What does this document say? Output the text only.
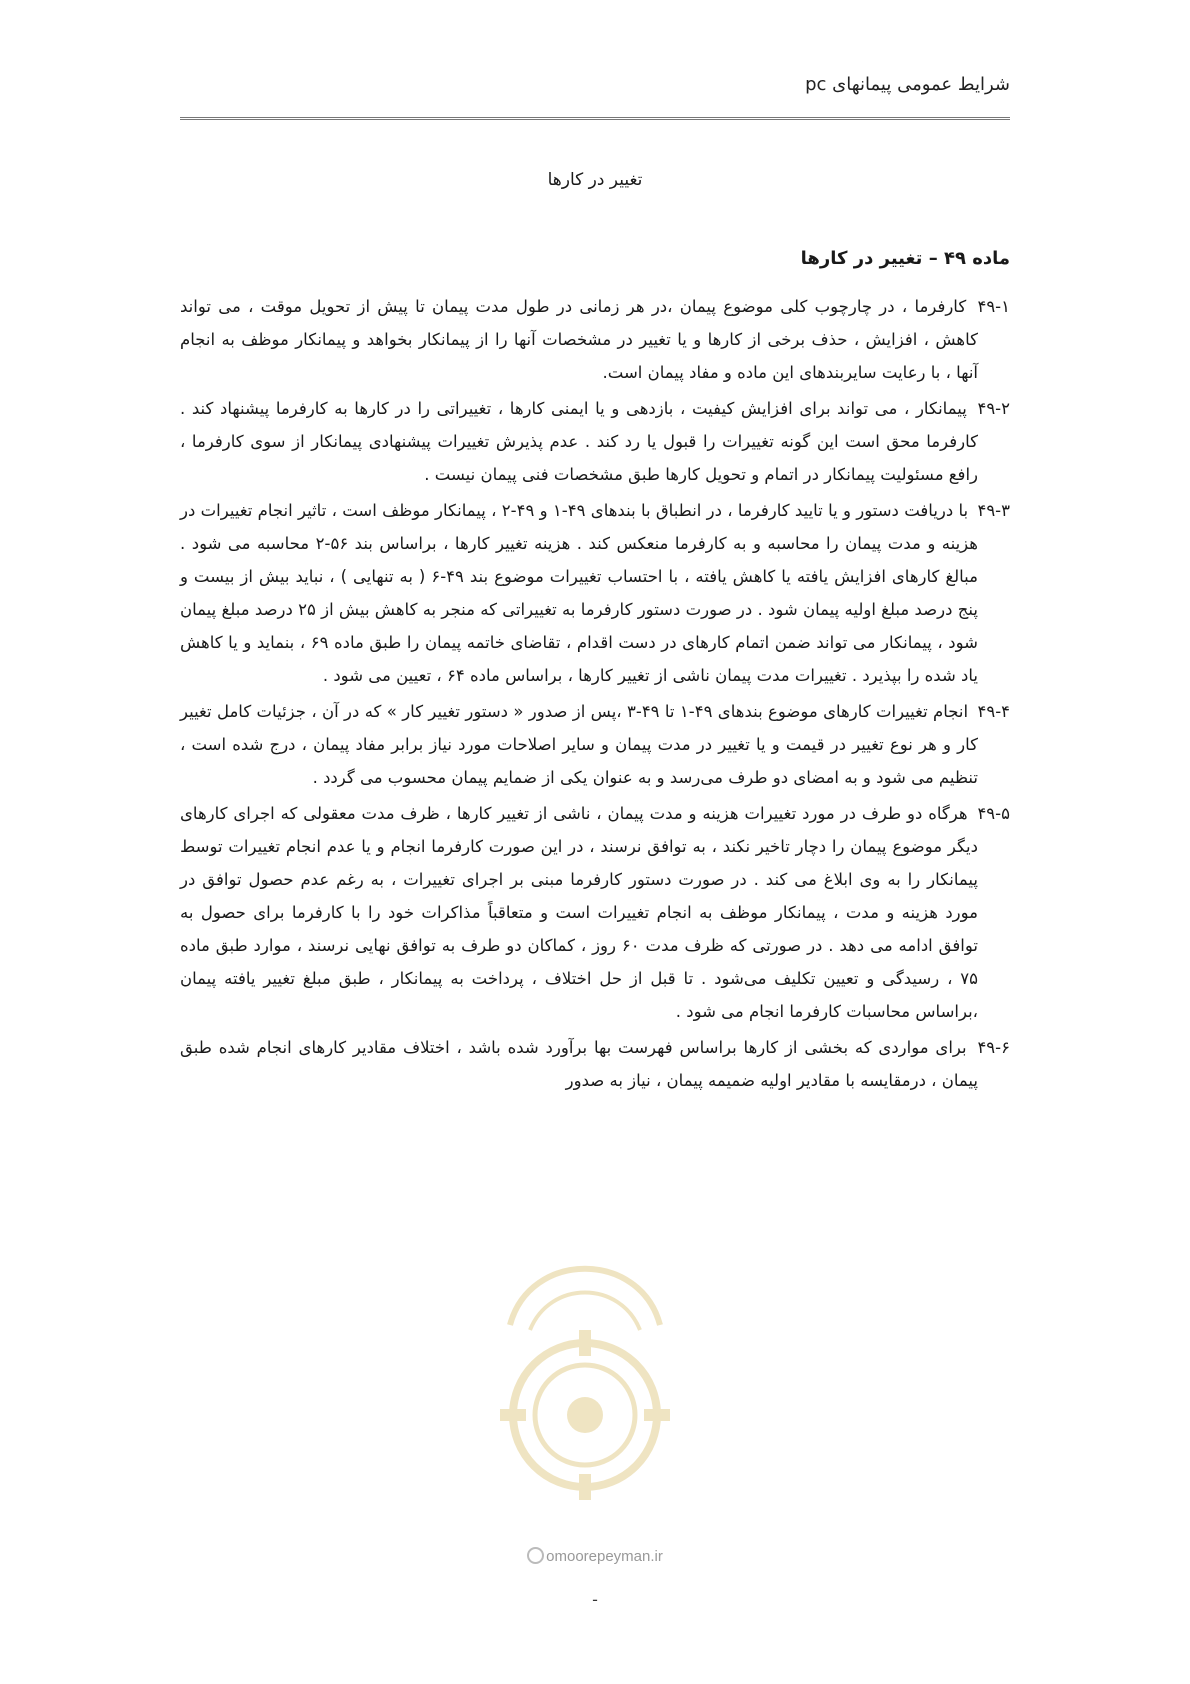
شرایط عمومی پیمانهای pc
تغییر در کارها
ماده ۴۹ – تغییر در کارها

۴۹-۱ کارفرما ، در چارچوب کلی موضوع پیمان ،در هر زمانی در طول مدت پیمان تا پیش از تحویل موقت ، می تواند کاهش ، افزایش ، حذف برخی از کارها و یا تغییر در مشخصات آنها را از پیمانکار بخواهد و پیمانکار موظف به انجام آنها ، با رعایت سایربندهای این ماده و مفاد پیمان است.

۴۹-۲ پیمانکار ، می تواند برای افزایش کیفیت ، بازدهی و یا ایمنی کارها ، تغییراتی را در کارها به کارفرما پیشنهاد کند . کارفرما محق است این گونه تغییرات را قبول یا رد کند . عدم پذیرش تغییرات پیشنهادی پیمانکار از سوی کارفرما ، رافع مسئولیت پیمانکار در اتمام و تحویل کارها طبق مشخصات فنی پیمان نیست .

۴۹-۳ با دریافت دستور و یا تایید کارفرما ، در انطباق با بندهای ۴۹-۱ و ۴۹-۲ ، پیمانکار موظف است ، تاثیر انجام تغییرات در هزینه و مدت پیمان را محاسبه و به کارفرما منعکس کند . هزینه تغییر کارها ، براساس بند ۵۶-۲ محاسبه می شود . مبالغ کارهای افزایش یافته یا کاهش یافته ، با احتساب تغییرات موضوع بند ۴۹-۶ ( به تنهایی ) ، نباید بیش از بیست و پنج درصد مبلغ اولیه پیمان شود . در صورت دستور کارفرما به تغییراتی که منجر به کاهش بیش از ۲۵ درصد مبلغ پیمان شود ، پیمانکار می تواند ضمن اتمام کارهای در دست اقدام ، تقاضای خاتمه پیمان را طبق ماده ۶۹ ، بنماید و یا کاهش یاد شده را بپذیرد . تغییرات مدت پیمان ناشی از تغییر کارها ، براساس ماده ۶۴ ، تعیین می شود .

۴۹-۴ انجام تغییرات کارهای موضوع بندهای ۴۹-۱ تا ۴۹-۳ ،پس از صدور « دستور تغییر کار » که در آن ، جزئیات کامل تغییر کار و هر نوع تغییر در قیمت و یا تغییر در مدت پیمان و سایر اصلاحات مورد نیاز برابر مفاد پیمان ، درج شده است ، تنظیم می شود و به امضای دو طرف می‌رسد و به عنوان یکی از ضمایم پیمان محسوب می گردد .

۴۹-۵ هرگاه دو طرف در مورد تغییرات هزینه و مدت پیمان ، ناشی از تغییر کارها ، ظرف مدت معقولی که اجرای کارهای دیگر موضوع پیمان را دچار تاخیر نکند ، به توافق نرسند ، در این صورت کارفرما انجام و یا عدم انجام تغییرات توسط پیمانکار را به وی ابلاغ می کند . در صورت دستور کارفرما مبنی بر اجرای تغییرات ، به رغم عدم حصول توافق در مورد هزینه و مدت ، پیمانکار موظف به انجام تغییرات است و متعاقباً مذاکرات خود را با کارفرما برای حصول به توافق ادامه می دهد . در صورتی که ظرف مدت ۶۰ روز ، کماکان دو طرف به توافق نهایی نرسند ، موارد طبق ماده ۷۵ ، رسیدگی و تعیین تکلیف می‌شود . تا قبل از حل اختلاف ، پرداخت به پیمانکار ، طبق مبلغ تغییر یافته پیمان ،براساس محاسبات کارفرما انجام می شود .

۴۹-۶ برای مواردی که بخشی از کارها براساس فهرست بها برآورد شده باشد ، اختلاف مقادیر کارهای انجام شده طبق پیمان ، درمقایسه با مقادیر اولیه ضمیمه پیمان ، نیاز به صدور

omoorepeyman.ir
-
